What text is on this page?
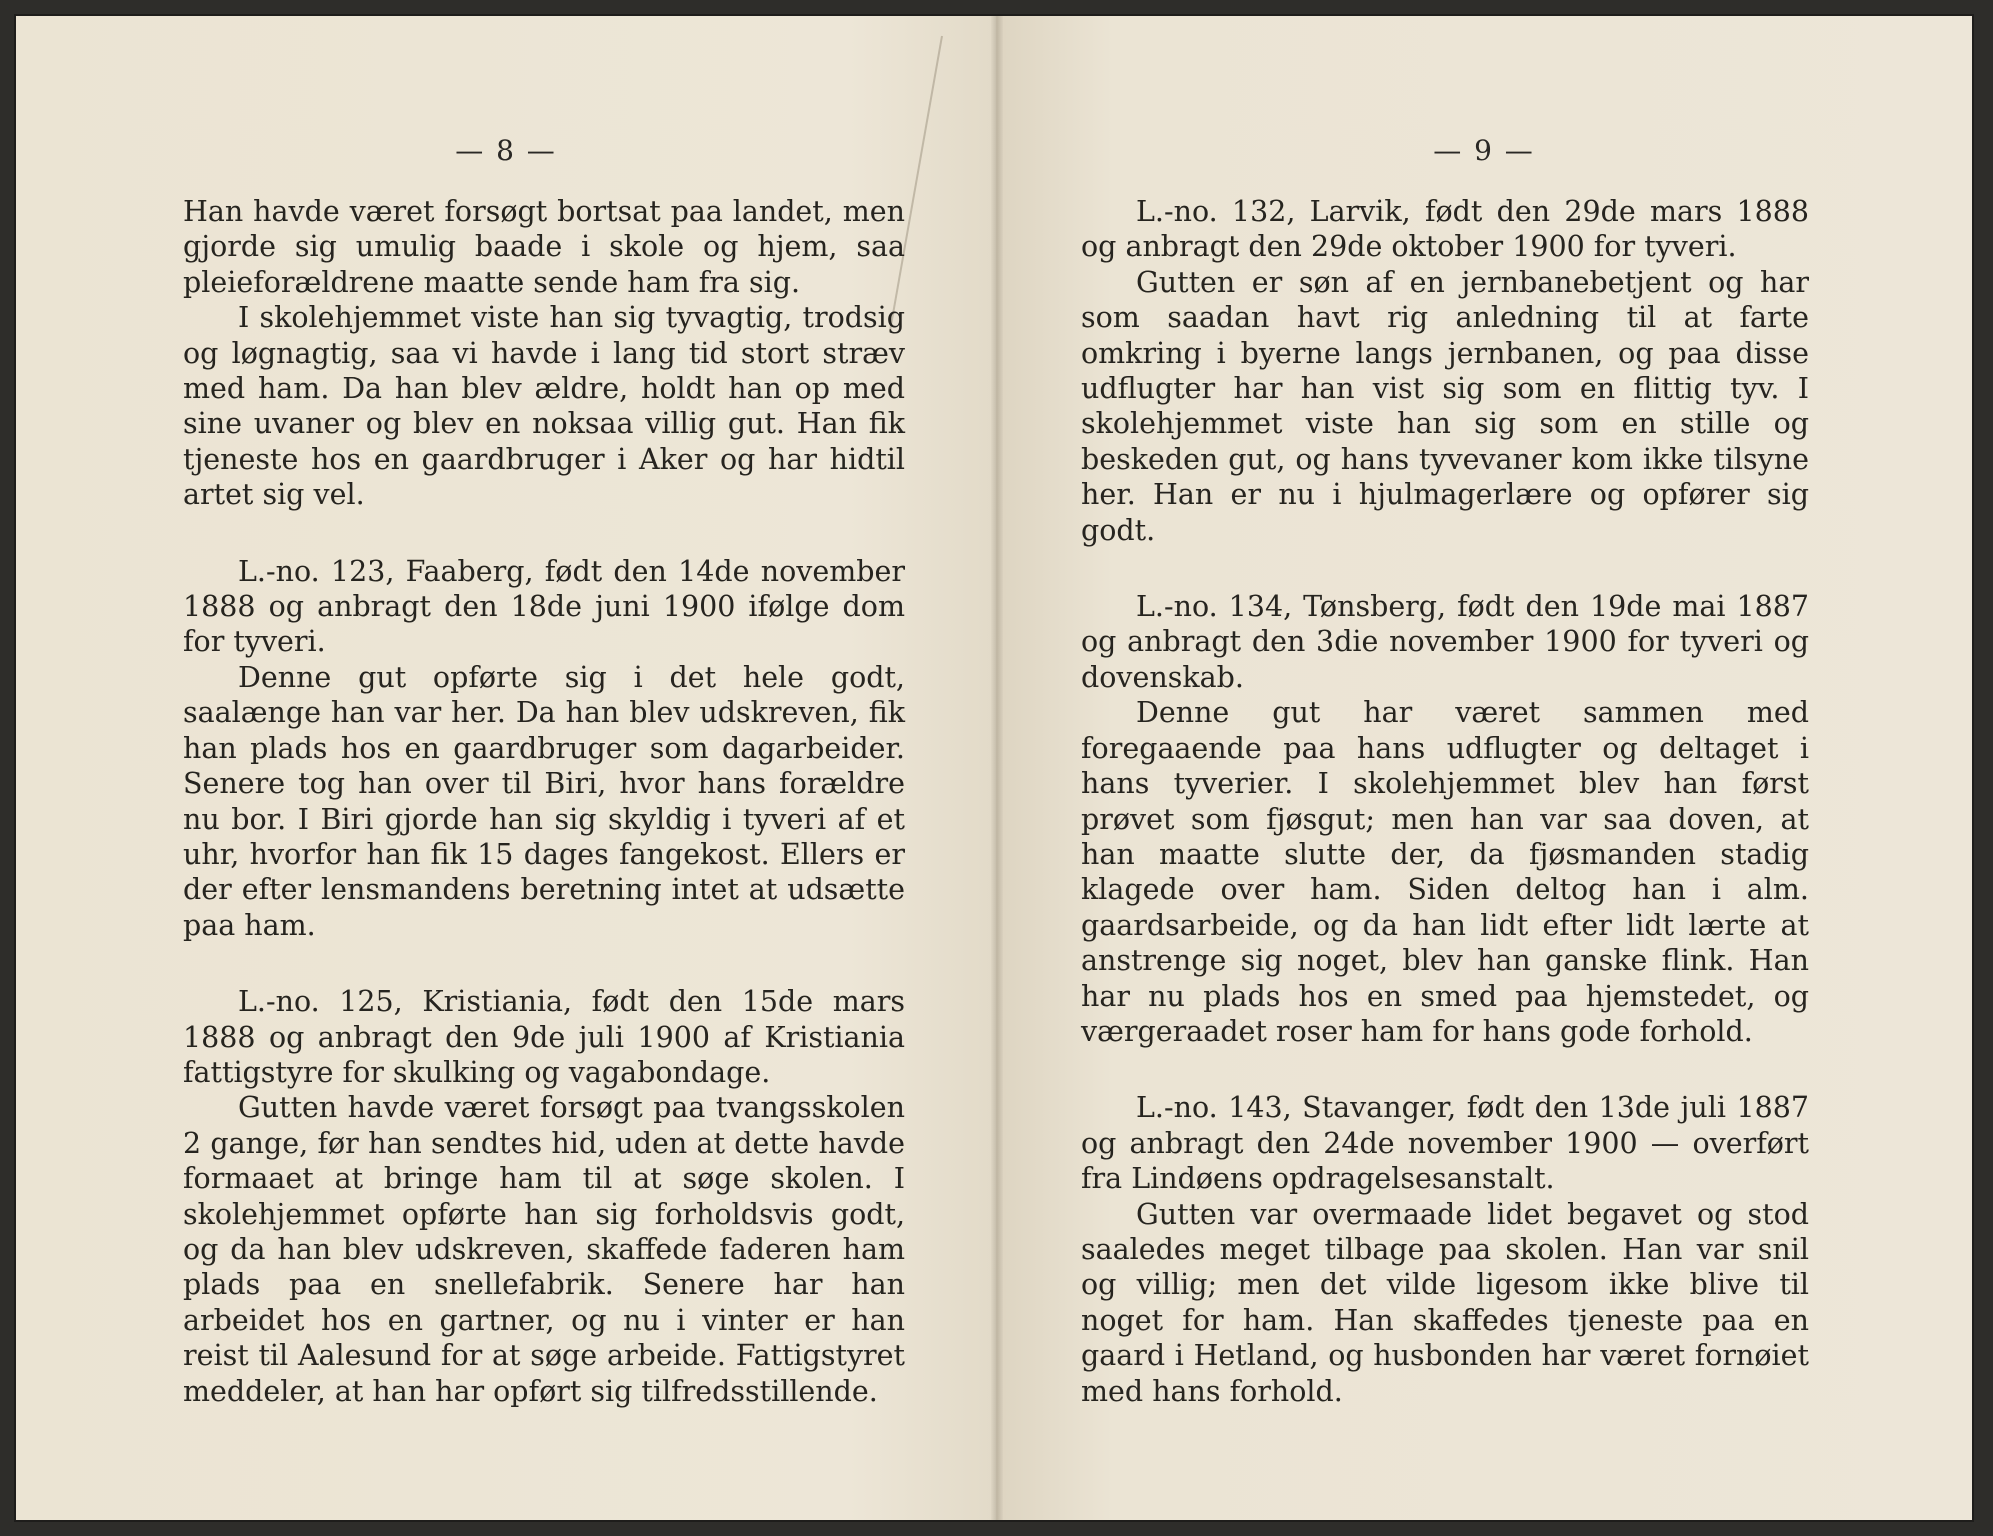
— 8 —

Han havde været forsøgt bortsat paa landet, men gjorde sig umulig baade i skole og hjem, saa pleieforældrene maatte sende ham fra sig.

I skolehjemmet viste han sig tyvagtig, trodsig og løgnagtig, saa vi havde i lang tid stort stræv med ham. Da han blev ældre, holdt han op med sine uvaner og blev en noksaa villig gut. Han fik tjeneste hos en gaardbruger i Aker og har hidtil artet sig vel.

L.-no. 123, Faaberg, født den 14de november 1888 og anbragt den 18de juni 1900 ifølge dom for tyveri.

Denne gut opførte sig i det hele godt, saalænge han var her. Da han blev udskreven, fik han plads hos en gaardbruger som dagarbeider. Senere tog han over til Biri, hvor hans forældre nu bor. I Biri gjorde han sig skyldig i tyveri af et uhr, hvorfor han fik 15 dages fangekost. Ellers er der efter lensmandens beretning intet at udsætte paa ham.

L.-no. 125, Kristiania, født den 15de mars 1888 og anbragt den 9de juli 1900 af Kristiania fattigstyre for skulking og vagabondage.

Gutten havde været forsøgt paa tvangsskolen 2 gange, før han sendtes hid, uden at dette havde formaaet at bringe ham til at søge skolen. I skolehjemmet opførte han sig forholdsvis godt, og da han blev udskreven, skaffede faderen ham plads paa en snellefabrik. Senere har han arbeidet hos en gartner, og nu i vinter er han reist til Aalesund for at søge arbeide. Fattigstyret meddeler, at han har opført sig tilfredsstillende.

— 9 —

L.-no. 132, Larvik, født den 29de mars 1888 og anbragt den 29de oktober 1900 for tyveri.

Gutten er søn af en jernbanebetjent og har som saadan havt rig anledning til at farte omkring i byerne langs jernbanen, og paa disse udflugter har han vist sig som en flittig tyv. I skolehjemmet viste han sig som en stille og beskeden gut, og hans tyvevaner kom ikke tilsyne her. Han er nu i hjulmagerlære og opfører sig godt.

L.-no. 134, Tønsberg, født den 19de mai 1887 og anbragt den 3die november 1900 for tyveri og dovenskab.

Denne gut har været sammen med foregaaende paa hans udflugter og deltaget i hans tyverier. I skolehjemmet blev han først prøvet som fjøsgut; men han var saa doven, at han maatte slutte der, da fjøsmanden stadig klagede over ham. Siden deltog han i alm. gaardsarbeide, og da han lidt efter lidt lærte at anstrenge sig noget, blev han ganske flink. Han har nu plads hos en smed paa hjemstedet, og værgeraadet roser ham for hans gode forhold.

L.-no. 143, Stavanger, født den 13de juli 1887 og anbragt den 24de november 1900 — overført fra Lindøens opdragelsesanstalt.

Gutten var overmaade lidet begavet og stod saaledes meget tilbage paa skolen. Han var snil og villig; men det vilde ligesom ikke blive til noget for ham. Han skaffedes tjeneste paa en gaard i Hetland, og husbonden har været fornøiet med hans forhold.
